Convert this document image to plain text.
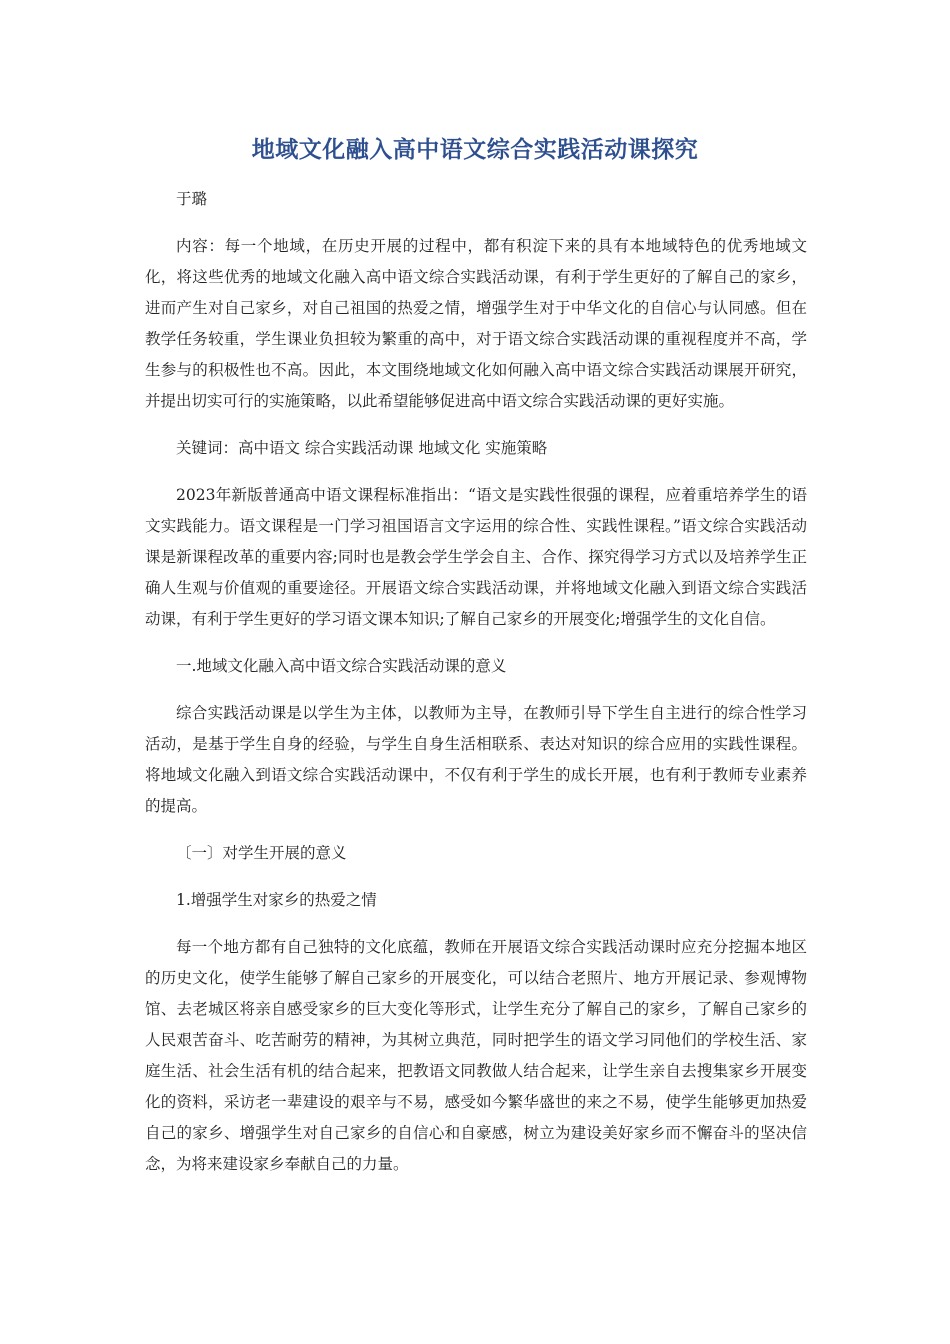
地域文化融入高中语文综合实践活动课探究

于璐

内容：每一个地域，在历史开展的过程中，都有积淀下来的具有本地域特色的优秀地域文化，将这些优秀的地域文化融入高中语文综合实践活动课，有利于学生更好的了解自己的家乡，进而产生对自己家乡，对自己祖国的热爱之情，增强学生对于中华文化的自信心与认同感。但在教学任务较重，学生课业负担较为繁重的高中，对于语文综合实践活动课的重视程度并不高，学生参与的积极性也不高。因此，本文围绕地域文化如何融入高中语文综合实践活动课展开研究，并提出切实可行的实施策略，以此希望能够促进高中语文综合实践活动课的更好实施。

关键词：高中语文 综合实践活动课 地域文化 实施策略

2023年新版普通高中语文课程标准指出：“语文是实践性很强的课程，应着重培养学生的语文实践能力。语文课程是一门学习祖国语言文字运用的综合性、实践性课程。”语文综合实践活动课是新课程改革的重要内容;同时也是教会学生学会自主、合作、探究得学习方式以及培养学生正确人生观与价值观的重要途径。开展语文综合实践活动课，并将地域文化融入到语文综合实践活动课，有利于学生更好的学习语文课本知识;了解自己家乡的开展变化;增强学生的文化自信。

一.地域文化融入高中语文综合实践活动课的意义

综合实践活动课是以学生为主体，以教师为主导，在教师引导下学生自主进行的综合性学习活动，是基于学生自身的经验，与学生自身生活相联系、表达对知识的综合应用的实践性课程。将地域文化融入到语文综合实践活动课中，不仅有利于学生的成长开展，也有利于教师专业素养的提高。

〔一〕对学生开展的意义

1.增强学生对家乡的热爱之情

每一个地方都有自己独特的文化底蕴，教师在开展语文综合实践活动课时应充分挖掘本地区的历史文化，使学生能够了解自己家乡的开展变化，可以结合老照片、地方开展记录、参观博物馆、去老城区将亲自感受家乡的巨大变化等形式，让学生充分了解自己的家乡，了解自己家乡的人民艰苦奋斗、吃苦耐劳的精神，为其树立典范，同时把学生的语文学习同他们的学校生活、家庭生活、社会生活有机的结合起来，把教语文同教做人结合起来，让学生亲自去搜集家乡开展变化的资料，采访老一辈建设的艰辛与不易，感受如今繁华盛世的来之不易，使学生能够更加热爱自己的家乡、增强学生对自己家乡的自信心和自豪感，树立为建设美好家乡而不懈奋斗的坚决信念，为将来建设家乡奉献自己的力量。
